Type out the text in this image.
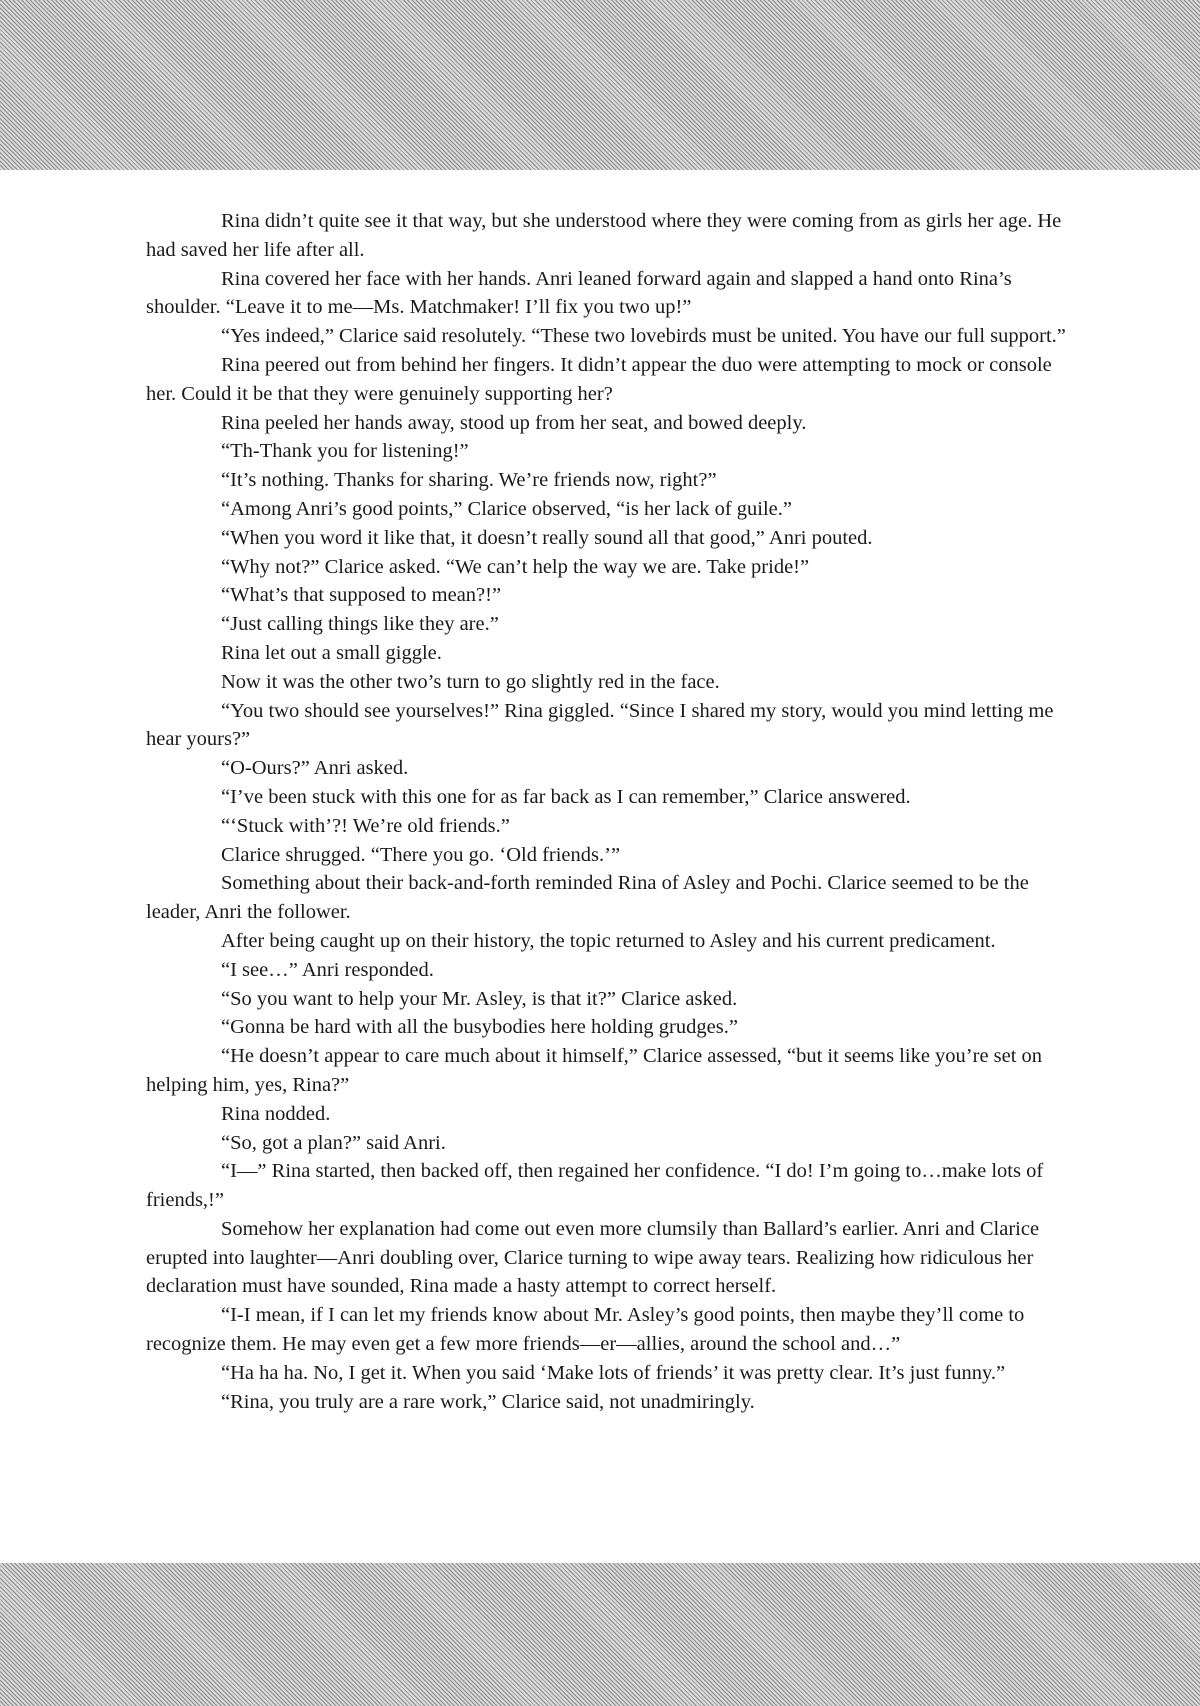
Rina didn’t quite see it that way, but she understood where they were coming from as girls her age. He had saved her life after all.

Rina covered her face with her hands. Anri leaned forward again and slapped a hand onto Rina’s shoulder. “Leave it to me—Ms. Matchmaker! I’ll fix you two up!”

“Yes indeed,” Clarice said resolutely. “These two lovebirds must be united. You have our full support.”

Rina peered out from behind her fingers. It didn’t appear the duo were attempting to mock or console her. Could it be that they were genuinely supporting her?

Rina peeled her hands away, stood up from her seat, and bowed deeply.

“Th-Thank you for listening!”

“It’s nothing. Thanks for sharing. We’re friends now, right?”

“Among Anri’s good points,” Clarice observed, “is her lack of guile.”

“When you word it like that, it doesn’t really sound all that good,” Anri pouted.

“Why not?” Clarice asked. “We can’t help the way we are. Take pride!”

“What’s that supposed to mean?!”

“Just calling things like they are.”

Rina let out a small giggle.

Now it was the other two’s turn to go slightly red in the face.

“You two should see yourselves!” Rina giggled. “Since I shared my story, would you mind letting me hear yours?”

“O-Ours?” Anri asked.

“I’ve been stuck with this one for as far back as I can remember,” Clarice answered.

“‘Stuck with’?! We’re old friends.”

Clarice shrugged. “There you go. ‘Old friends.’”

Something about their back-and-forth reminded Rina of Asley and Pochi. Clarice seemed to be the leader, Anri the follower.

After being caught up on their history, the topic returned to Asley and his current predicament.

“I see…” Anri responded.

“So you want to help your Mr. Asley, is that it?” Clarice asked.

“Gonna be hard with all the busybodies here holding grudges.”

“He doesn’t appear to care much about it himself,” Clarice assessed, “but it seems like you’re set on helping him, yes, Rina?”

Rina nodded.

“So, got a plan?” said Anri.

“I—” Rina started, then backed off, then regained her confidence. “I do! I’m going to…make lots of friends,!”

Somehow her explanation had come out even more clumsily than Ballard’s earlier. Anri and Clarice erupted into laughter—Anri doubling over, Clarice turning to wipe away tears. Realizing how ridiculous her declaration must have sounded, Rina made a hasty attempt to correct herself.

“I-I mean, if I can let my friends know about Mr. Asley’s good points, then maybe they’ll come to recognize them. He may even get a few more friends—er—allies, around the school and…”

“Ha ha ha. No, I get it. When you said ‘Make lots of friends’ it was pretty clear. It’s just funny.”

“Rina, you truly are a rare work,” Clarice said, not unadmiringly.
